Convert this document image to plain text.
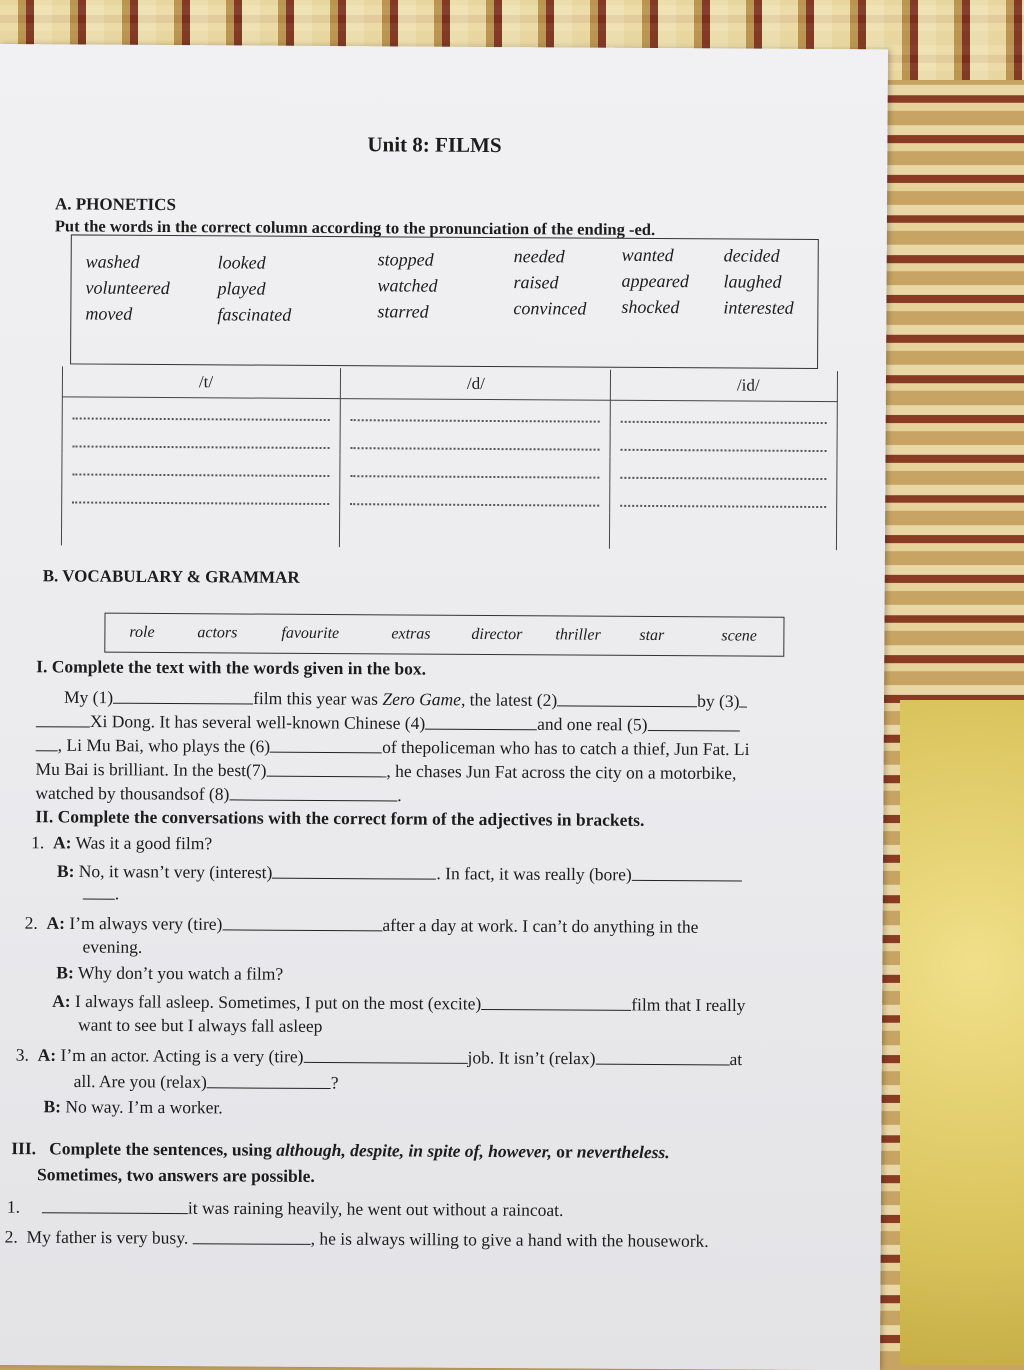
Unit 8: FILMS
A. PHONETICS
Put the words in the correct column according to the pronunciation of the ending -ed.
washed	looked	stopped	needed	wanted	decided
volunteered	played	watched	raised	appeared laughed
moved	fascinated	starred	convinced shocked interested
/t/	/d/	/id/

B. VOCABULARY & GRAMMAR
role	actors	favourite	extras	director thriller star	scene
I. Complete the text with the words given in the box.
My (1)	film this year was Zero Game, the latest (2)	by (3)
Xi Dong. It has several well-known Chinese (4)	and one real (5)
, Li Mu Bai, who plays the (6)	of thepoliceman who has to catch a thief, Jun Fat. Li
Mu Bai is brilliant. In the best(7)	, he chases Jun Fat across the city on a motorbike,
watched by thousandsof (8)	.
II. Complete the conversations with the correct form of the adjectives in brackets.
1. A: Was it a good film?
B: No, it wasn’t very (interest)	. In fact, it was really (bore)
.
2. A: I’m always very (tire)	after a day at work. I can’t do anything in the
evening.
B: Why don’t you watch a film?
A: I always fall asleep. Sometimes, I put on the most (excite)	film that I really
want to see but I always fall asleep
3. A: I’m an actor. Acting is a very (tire)	job. It isn’t (relax)	at
all. Are you (relax)	?
B: No way. I’m a worker.
III. Complete the sentences, using although, despite, in spite of, however, or nevertheless.
Sometimes, two answers are possible.
1.	it was raining heavily, he went out without a raincoat.
2. My father is very busy.	, he is always willing to give a hand with the housework.
